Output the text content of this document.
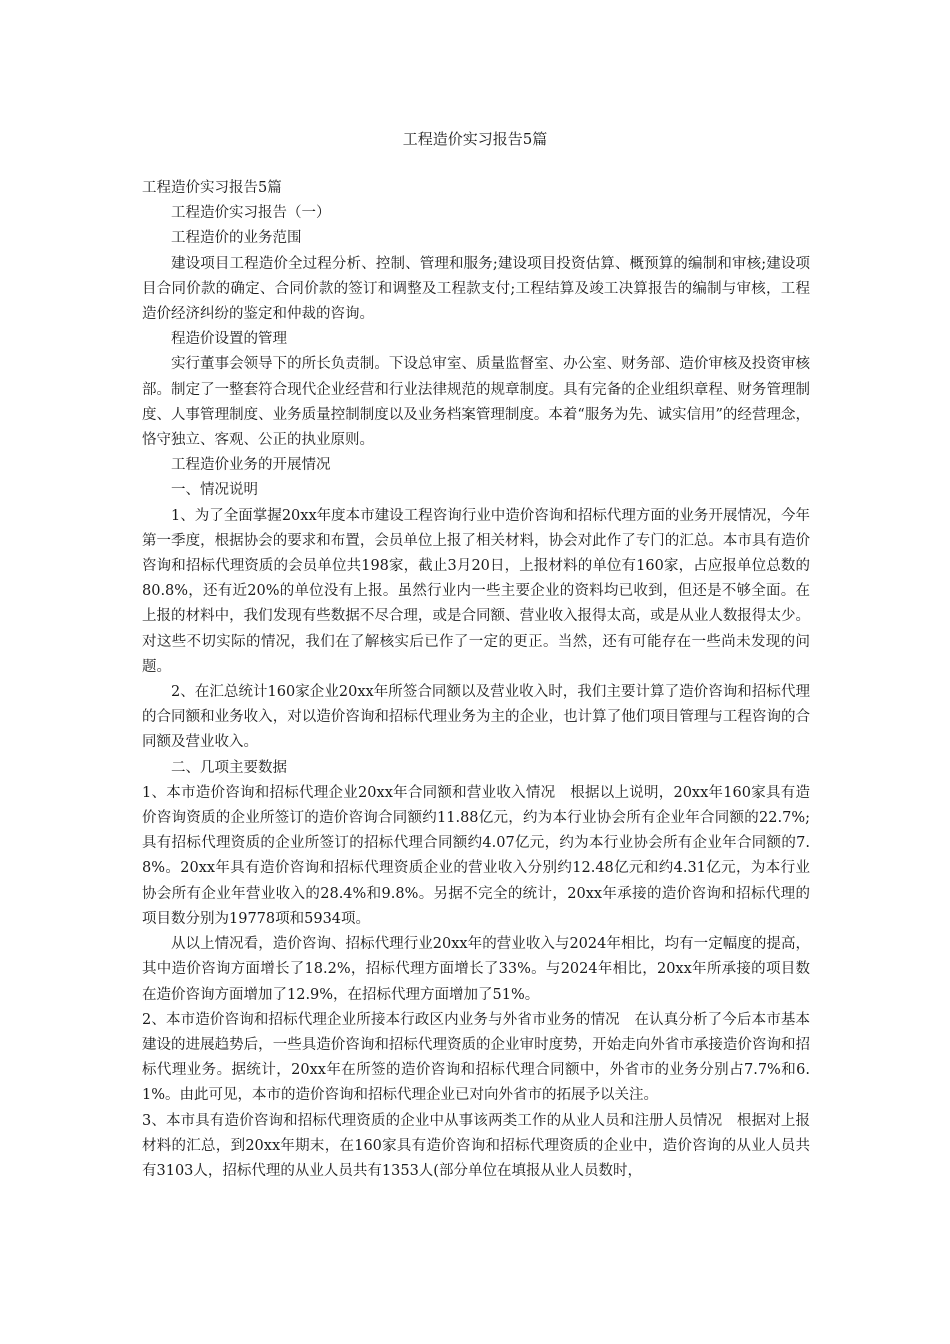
工程造价实习报告5篇

工程造价实习报告5篇

工程造价实习报告（一）

工程造价的业务范围

建设项目工程造价全过程分析、控制、管理和服务;建设项目投资估算、概预算的编制和审核;建设项目合同价款的确定、合同价款的签订和调整及工程款支付;工程结算及竣工决算报告的编制与审核，工程造价经济纠纷的鉴定和仲裁的咨询。

程造价设置的管理

实行董事会领导下的所长负责制。下设总审室、质量监督室、办公室、财务部、造价审核及投资审核部。制定了一整套符合现代企业经营和行业法律规范的规章制度。具有完备的企业组织章程、财务管理制度、人事管理制度、业务质量控制制度以及业务档案管理制度。本着“服务为先、诚实信用”的经营理念，恪守独立、客观、公正的执业原则。

工程造价业务的开展情况

一、情况说明

1、为了全面掌握20xx年度本市建设工程咨询行业中造价咨询和招标代理方面的业务开展情况，今年第一季度，根据协会的要求和布置，会员单位上报了相关材料，协会对此作了专门的汇总。本市具有造价咨询和招标代理资质的会员单位共198家，截止3月20日，上报材料的单位有160家，占应报单位总数的80.8%，还有近20%的单位没有上报。虽然行业内一些主要企业的资料均已收到，但还是不够全面。在上报的材料中，我们发现有些数据不尽合理，或是合同额、营业收入报得太高，或是从业人数报得太少。对这些不切实际的情况，我们在了解核实后已作了一定的更正。当然，还有可能存在一些尚未发现的问题。

2、在汇总统计160家企业20xx年所签合同额以及营业收入时，我们主要计算了造价咨询和招标代理的合同额和业务收入，对以造价咨询和招标代理业务为主的企业，也计算了他们项目管理与工程咨询的合同额及营业收入。

二、几项主要数据

1、本市造价咨询和招标代理企业20xx年合同额和营业收入情况　根据以上说明，20xx年160家具有造价咨询资质的企业所签订的造价咨询合同额约11.88亿元，约为本行业协会所有企业年合同额的22.7%;具有招标代理资质的企业所签订的招标代理合同额约4.07亿元，约为本行业协会所有企业年合同额的7.8%。20xx年具有造价咨询和招标代理资质企业的营业收入分别约12.48亿元和约4.31亿元，为本行业协会所有企业年营业收入的28.4%和9.8%。另据不完全的统计，20xx年承接的造价咨询和招标代理的项目数分别为19778项和5934项。

从以上情况看，造价咨询、招标代理行业20xx年的营业收入与2024年相比，均有一定幅度的提高，其中造价咨询方面增长了18.2%，招标代理方面增长了33%。与2024年相比，20xx年所承接的项目数在造价咨询方面增加了12.9%，在招标代理方面增加了51%。

2、本市造价咨询和招标代理企业所接本行政区内业务与外省市业务的情况　在认真分析了今后本市基本建设的进展趋势后，一些具造价咨询和招标代理资质的企业审时度势，开始走向外省市承接造价咨询和招标代理业务。据统计，20xx年在所签的造价咨询和招标代理合同额中，外省市的业务分别占7.7%和6.1%。由此可见，本市的造价咨询和招标代理企业已对向外省市的拓展予以关注。

3、本市具有造价咨询和招标代理资质的企业中从事该两类工作的从业人员和注册人员情况　根据对上报材料的汇总，到20xx年期末，在160家具有造价咨询和招标代理资质的企业中，造价咨询的从业人员共有3103人，招标代理的从业人员共有1353人(部分单位在填报从业人员数时，
